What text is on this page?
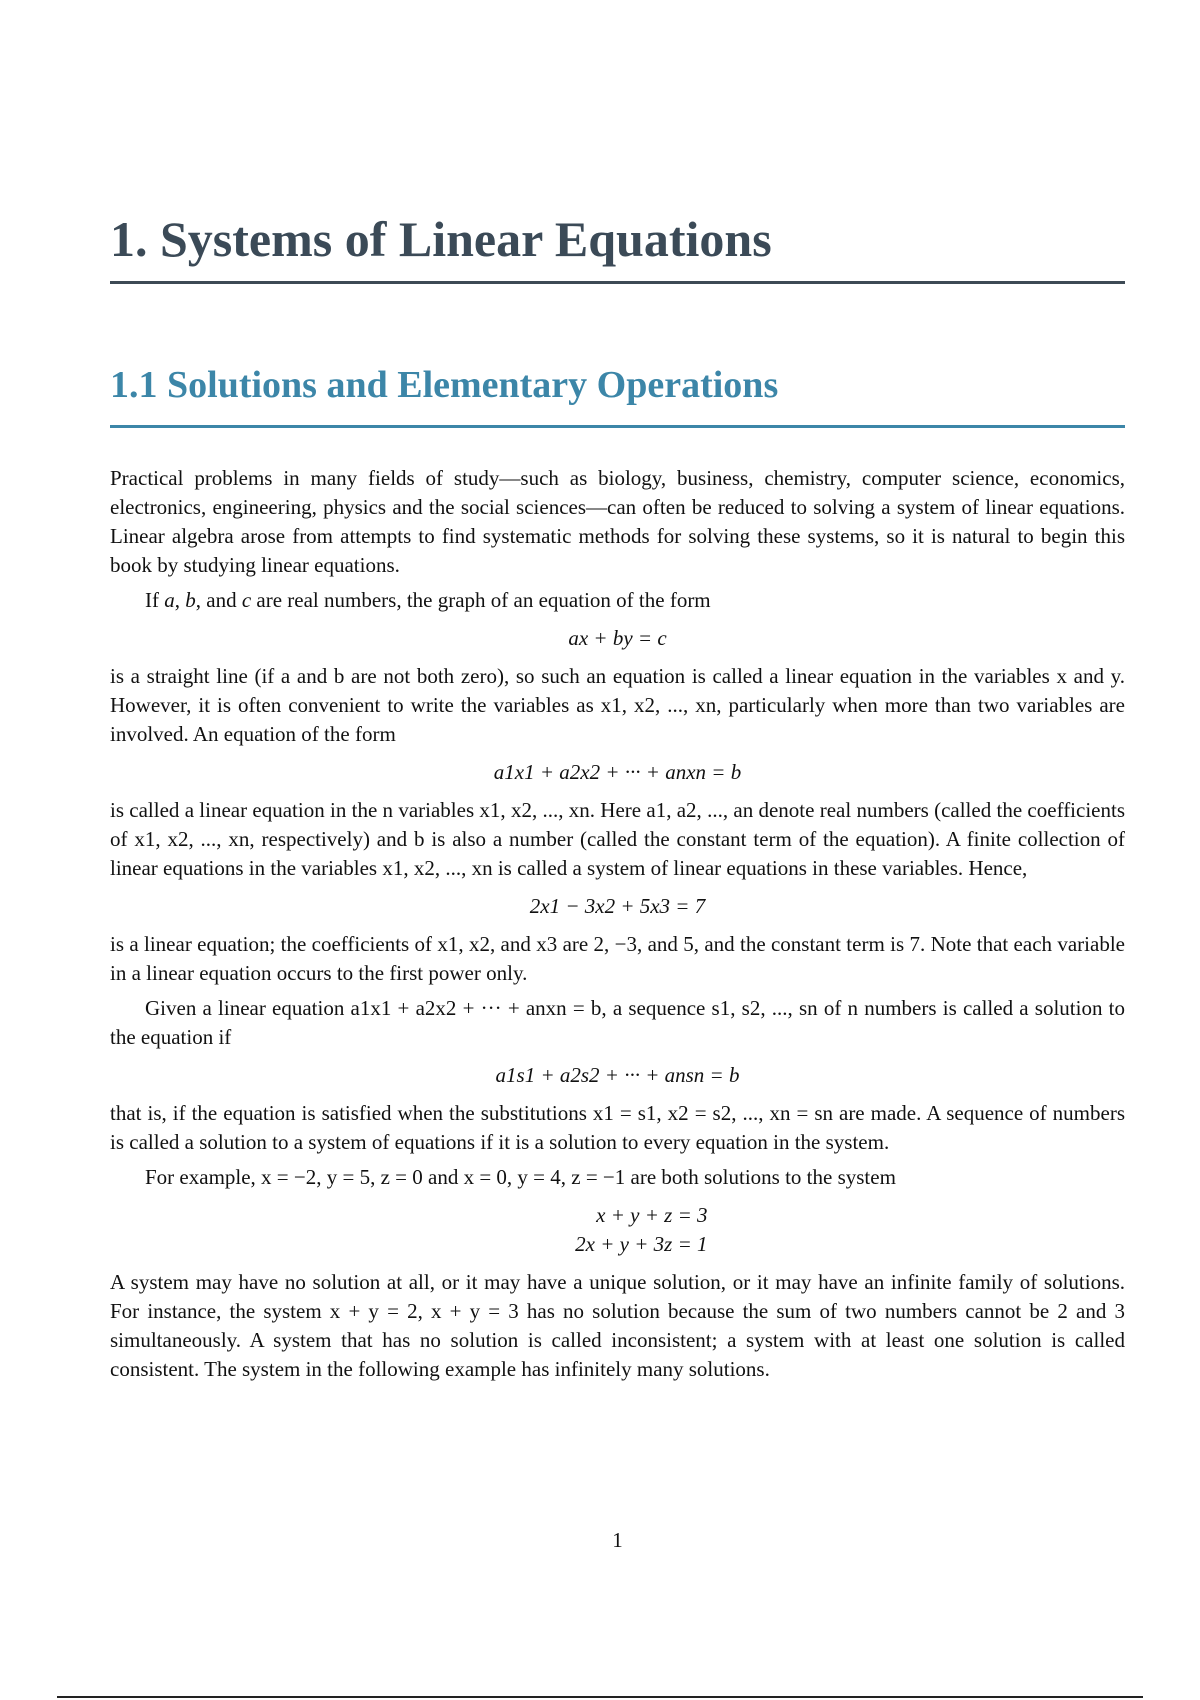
1. Systems of Linear Equations
1.1 Solutions and Elementary Operations

Practical problems in many fields of study—such as biology, business, chemistry, computer science, economics, electronics, engineering, physics and the social sciences—can often be reduced to solving a system of linear equations. Linear algebra arose from attempts to find systematic methods for solving these systems, so it is natural to begin this book by studying linear equations.

If a, b, and c are real numbers, the graph of an equation of the form

ax + by = c

is a straight line (if a and b are not both zero), so such an equation is called a linear equation in the variables x and y. However, it is often convenient to write the variables as x1, x2, ..., xn, particularly when more than two variables are involved. An equation of the form

a1x1 + a2x2 + ··· + anxn = b

is called a linear equation in the n variables x1, x2, ..., xn. Here a1, a2, ..., an denote real numbers (called the coefficients of x1, x2, ..., xn, respectively) and b is also a number (called the constant term of the equation). A finite collection of linear equations in the variables x1, x2, ..., xn is called a system of linear equations in these variables. Hence,

2x1 − 3x2 + 5x3 = 7

is a linear equation; the coefficients of x1, x2, and x3 are 2, −3, and 5, and the constant term is 7. Note that each variable in a linear equation occurs to the first power only.

Given a linear equation a1x1 + a2x2 + ··· + anxn = b, a sequence s1, s2, ..., sn of n numbers is called a solution to the equation if

a1s1 + a2s2 + ··· + ansn = b

that is, if the equation is satisfied when the substitutions x1 = s1, x2 = s2, ..., xn = sn are made. A sequence of numbers is called a solution to a system of equations if it is a solution to every equation in the system.

For example, x = −2, y = 5, z = 0 and x = 0, y = 4, z = −1 are both solutions to the system

x + y + z = 3
2x + y + 3z = 1

A system may have no solution at all, or it may have a unique solution, or it may have an infinite family of solutions. For instance, the system x + y = 2, x + y = 3 has no solution because the sum of two numbers cannot be 2 and 3 simultaneously. A system that has no solution is called inconsistent; a system with at least one solution is called consistent. The system in the following example has infinitely many solutions.

1
